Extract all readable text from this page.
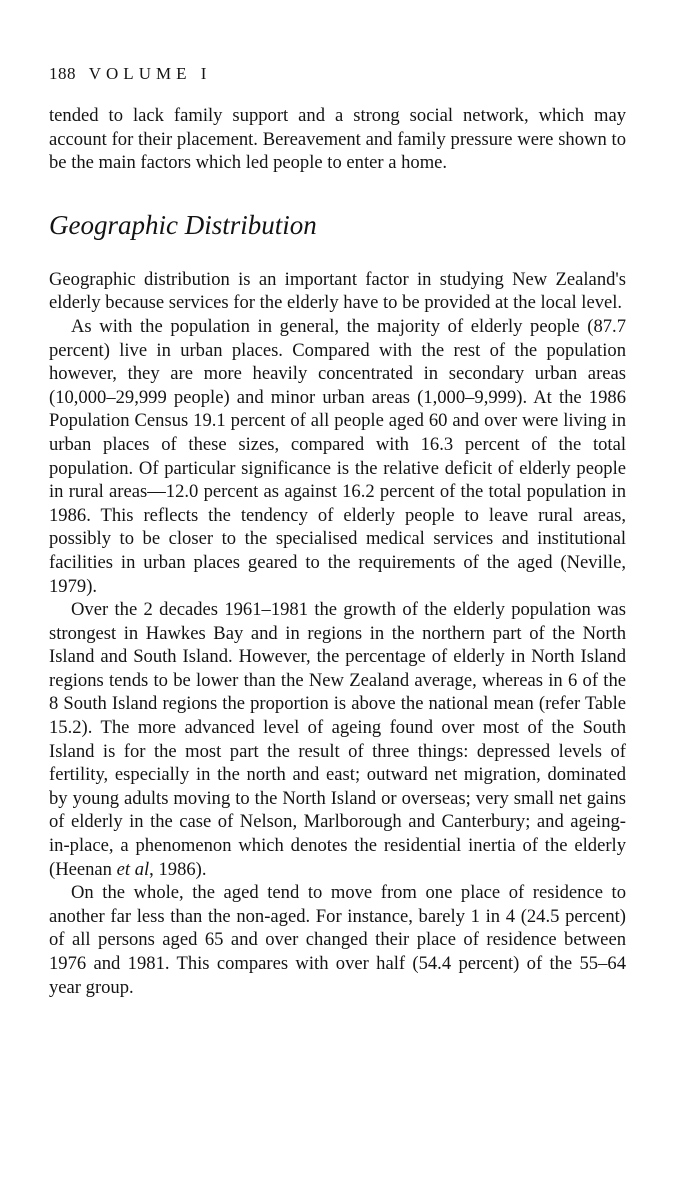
188 VOLUME I

tended to lack family support and a strong social network, which may account for their placement. Bereavement and family pressure were shown to be the main factors which led people to enter a home.

Geographic Distribution

Geographic distribution is an important factor in studying New Zealand's elderly because services for the elderly have to be provided at the local level.

As with the population in general, the majority of elderly people (87.7 percent) live in urban places. Compared with the rest of the population however, they are more heavily concentrated in secondary urban areas (10,000–29,999 people) and minor urban areas (1,000–9,999). At the 1986 Population Census 19.1 percent of all people aged 60 and over were living in urban places of these sizes, compared with 16.3 percent of the total population. Of particular significance is the relative deficit of elderly people in rural areas—12.0 percent as against 16.2 percent of the total population in 1986. This reflects the tendency of elderly people to leave rural areas, possibly to be closer to the specialised medical services and institutional facilities in urban places geared to the requirements of the aged (Neville, 1979).

Over the 2 decades 1961–1981 the growth of the elderly population was strongest in Hawkes Bay and in regions in the northern part of the North Island and South Island. However, the percentage of elderly in North Island regions tends to be lower than the New Zealand average, whereas in 6 of the 8 South Island regions the proportion is above the national mean (refer Table 15.2). The more advanced level of ageing found over most of the South Island is for the most part the result of three things: depressed levels of fertility, especially in the north and east; outward net migration, dominated by young adults moving to the North Island or overseas; very small net gains of elderly in the case of Nelson, Marlborough and Canterbury; and ageing-in-place, a phenomenon which denotes the residential inertia of the elderly (Heenan et al, 1986).

On the whole, the aged tend to move from one place of residence to another far less than the non-aged. For instance, barely 1 in 4 (24.5 percent) of all persons aged 65 and over changed their place of residence between 1976 and 1981. This compares with over half (54.4 percent) of the 55–64 year group.
